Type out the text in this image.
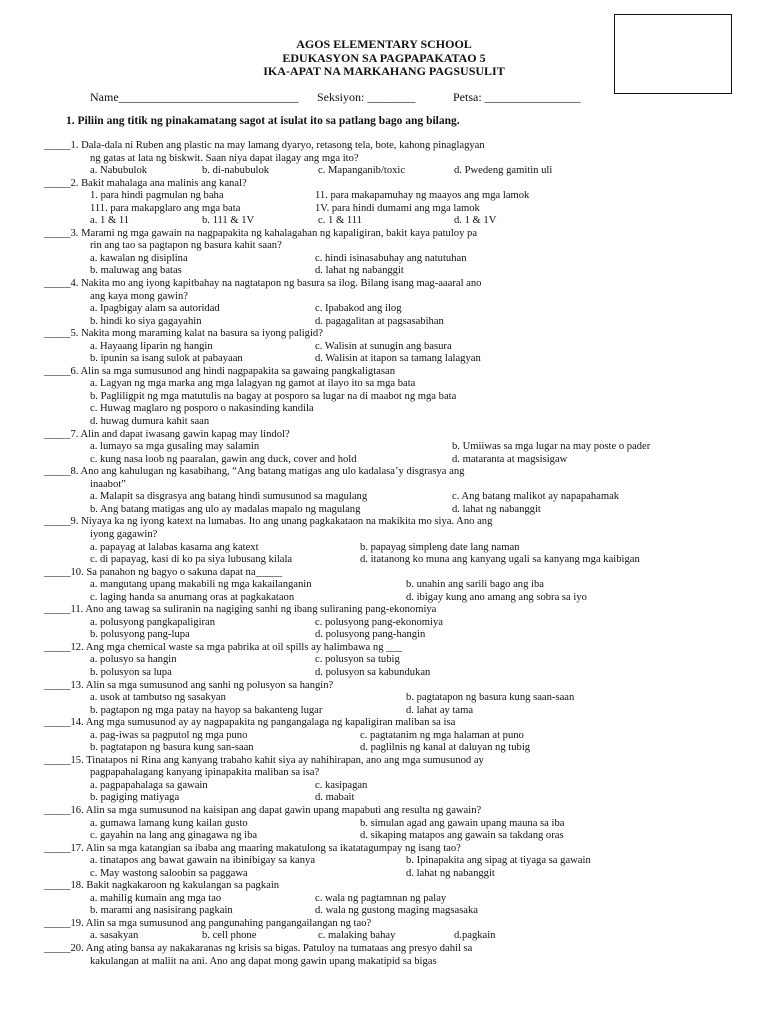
AGOS ELEMENTARY SCHOOL
EDUKASYON SA PAGPAPAKATAO 5
IKA-APAT NA MARKAHANG PAGSUSULIT
Name______________________________ Seksiyon: ________	Petsa: ________________
1. Piliin ang titik ng pinakamatang sagot at isulat ito sa patlang bago ang bilang.
_____1. Dala-dala ni Ruben ang plastic na may lamang dyaryo, retasong tela, bote, kahong pinaglagyan
ng gatas at lata ng biskwit. Saan niya dapat ilagay ang mga ito?
a. Nabubulok	b. di-nabubulok	c. Mapanganib/toxic	d. Pwedeng gamitin uli
_____2. Bakit mahalaga ana malinis ang kanal?
1. para hindi pagmulan ng baha	11. para makapamuhay ng maayos ang mga lamok
111. para makapglaro ang mga bata	1V. para hindi dumami ang mga lamok
a. 1 & 11	b. 111 & 1V	c. 1 & 111	d. 1 & 1V
_____3. Marami ng mga gawain na nagpapakita ng kahalagahan ng kapaligiran, bakit kaya patuloy pa
rin ang tao sa pagtapon ng basura kahit saan?
a. kawalan ng disiplina	c. hindi isinasabuhay ang natutuhan
b. maluwag ang batas	d. lahat ng nabanggit
_____4. Nakita mo ang iyong kapitbahay na nagtatapon ng basura sa ilog. Bilang isang mag-aaaral ano
ang kaya mong gawin?
a. Ipagbigay alam sa autoridad	c. Ipabakod ang ilog
b. hindi ko siya gagayahin	d. pagagalitan at pagsasabihan
_____5. Nakita mong maraming kalat na basura sa iyong paligid?
a. Hayaang liparin ng hangin	c. Walisin at sunugin ang basura
b. ipunin sa isang sulok at pabayaan	d. Walisin at itapon sa tamang lalagyan
_____6. Alin sa mga sumusunod ang hindi nagpapakita sa gawaing pangkaligtasan
a. Lagyan ng mga marka ang mga lalagyan ng gamot at ilayo ito sa mga bata
b. Pagliligpit ng mga matutulis na bagay at posporo sa lugar na di maabot ng mga bata
c. Huwag maglaro ng posporo o nakasinding kandila
d. huwag dumura kahit saan
_____7. Alin and dapat iwasang gawin kapag may lindol?
a. lumayo sa mga gusaling may salamin	b. Umiiwas sa mga lugar na may poste o pader
c. kung nasa loob ng paaralan, gawin ang duck, cover and hold	d. mataranta at magsisigaw
_____8. Ano ang kahulugan ng kasabihang, “Ang batang matigas ang ulo kadalasa’y disgrasya ang
inaabot”
a. Malapit sa disgrasya ang batang hindi sumusunod sa magulang	c. Ang batang malikot ay napapahamak
b. Ang batang matigas ang ulo ay madalas mapalo ng magulang	d. lahat ng nabanggit
_____9. Niyaya ka ng iyong katext na lumabas. Ito ang unang pagkakataon na makikita mo siya. Ano ang
iyong gagawin?
a. papayag at lalabas kasama ang katext	b. papayag simpleng date lang naman
c. di papayag, kasi di ko pa siya lubusang kilala	d. itatanong ko muna ang kanyang ugali sa kanyang mga kaibigan
_____10. Sa panahon ng bagyo o sakuna dapat na_____
a. mangutang upang makabili ng mga kakailanganin	b. unahin ang sarili bago ang iba
c. laging handa sa anumang oras at pagkakataon	d. ibigay kung ano amang ang sobra sa iyo
_____11. Ano ang tawag sa suliranin na nagiging sanhi ng ibang suliraning pang-ekonomiya
a. polusyong pangkapaligiran	c. polusyong pang-ekonomiya
b. polusyong pang-lupa	d. polusyong pang-hangin
_____12. Ang mga chemical waste sa mga pabrika at oil spills ay halimbawa ng ___
a. polusyo sa hangin	c. polusyon sa tubig
b. polusyon sa lupa	d. polusyon sa kabundukan
_____13. Alin sa mga sumusunod ang sanhi ng polusyon sa hangin?
a. usok at tambutso ng sasakyan	b. pagtatapon ng basura kung saan-saan
b. pagtapon ng mga patay na hayop sa bakanteng lugar	d. lahat ay tama
_____14. Ang mga sumusunod ay ay nagpapakita ng pangangalaga ng kapaligiran maliban sa isa
a. pag-iwas sa pagputol ng mga puno	c. pagtatanim ng mga halaman at puno
b. pagtatapon ng basura kung san-saan	d. paglilnis ng kanal at daluyan ng tubig
_____15. Tinatapos ni Rina ang kanyang trabaho kahit siya ay nahihirapan, ano ang mga sumusunod ay
pagpapahalagang kanyang ipinapakita maliban sa isa?
a. pagpapahalaga sa gawain	c. kasipagan
b. pagiging matiyaga	d. mabait
_____16. Alin sa mga sumusunod na kaisipan ang dapat gawin upang mapabuti ang resulta ng gawain?
a. gumawa lamang kung kailan gusto	b. simulan agad ang gawain upang mauna sa iba
c. gayahin na lang ang ginagawa ng iba	d. sikaping matapos ang gawain sa takdang oras
_____17. Alin sa mga katangian sa ibaba ang maaring makatulong sa ikatatagumpay ng isang tao?
a. tinatapos ang bawat gawain na ibinibigay sa kanya	b. Ipinapakita ang sipag at tiyaga sa gawain
c. May wastong saloobin sa paggawa	d. lahat ng nabanggit
_____18. Bakit nagkakaroon ng kakulangan sa pagkain
a. mahilig kumain ang mga tao	c. wala ng pagtamnan ng palay
b. marami ang nasisirang pagkain	d. wala ng gustong maging magsasaka
_____19. Alin sa mga sumusunod ang pangunahing pangangailangan ng tao?
a. sasakyan	b. cell phone	c. malaking bahay	d.pagkain
_____20. Ang ating bansa ay nakakaranas ng krisis sa bigas. Patuloy na tumataas ang presyo dahil sa
kakulangan at maliit na ani. Ano ang dapat mong gawin upang makatipid sa bigas
